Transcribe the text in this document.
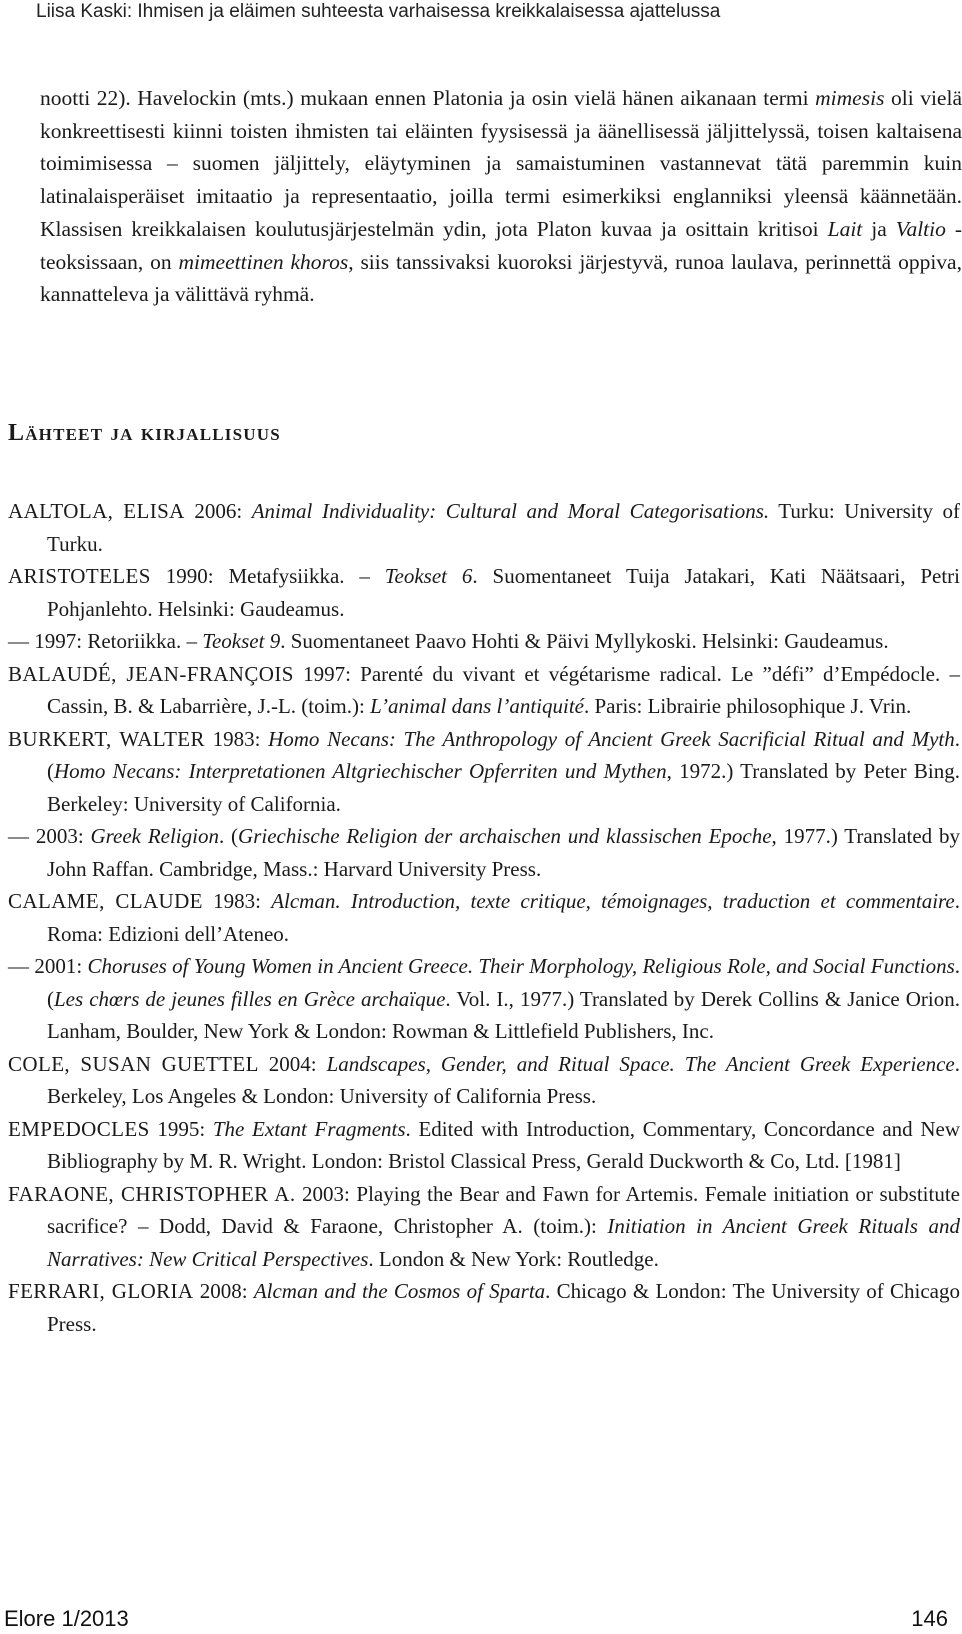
Liisa Kaski: Ihmisen ja eläimen suhteesta varhaisessa kreikkalaisessa ajattelussa

nootti 22). Havelockin (mts.) mukaan ennen Platonia ja osin vielä hänen aikanaan termi mimesis oli vielä konkreettisesti kiinni toisten ihmisten tai eläinten fyysisessä ja äänellisessä jäljittelyssä, toisen kaltaisena toimimisessa – suomen jäljittely, eläytyminen ja samaistuminen vastannevat tätä paremmin kuin latinalaisperäiset imitaatio ja representaatio, joilla termi esimerkiksi englanniksi yleensä käännetään. Klassisen kreikkalaisen koulutusjärjestelmän ydin, jota Platon kuvaa ja osittain kritisoi Lait ja Valtio -teoksissaan, on mimeettinen khoros, siis tanssivaksi kuoroksi järjestyvä, runoa laulava, perinnettä oppiva, kannatteleva ja välittävä ryhmä.

Lähteet ja kirjallisuus

AALTOLA, ELISA 2006: Animal Individuality: Cultural and Moral Categorisations. Turku: University of Turku.

ARISTOTELES 1990: Metafysiikka. – Teokset 6. Suomentaneet Tuija Jatakari, Kati Näätsaari, Petri Pohjanlehto. Helsinki: Gaudeamus.

— 1997: Retoriikka. – Teokset 9. Suomentaneet Paavo Hohti & Päivi Myllykoski. Helsinki: Gaudeamus.

BALAUDÉ, JEAN-FRANÇOIS 1997: Parenté du vivant et végétarisme radical. Le ”défi” d’Empédocle. – Cassin, B. & Labarrière, J.-L. (toim.): L’animal dans l’antiquité. Paris: Librairie philosophique J. Vrin.

BURKERT, WALTER 1983: Homo Necans: The Anthropology of Ancient Greek Sacrificial Ritual and Myth. (Homo Necans: Interpretationen Altgriechischer Opferriten und Mythen, 1972.) Translated by Peter Bing. Berkeley: University of California.

— 2003: Greek Religion. (Griechische Religion der archaischen und klassischen Epoche, 1977.) Translated by John Raffan. Cambridge, Mass.: Harvard University Press.

CALAME, CLAUDE 1983: Alcman. Introduction, texte critique, témoignages, traduction et commentaire. Roma: Edizioni dell’Ateneo.

— 2001: Choruses of Young Women in Ancient Greece. Their Morphology, Religious Role, and Social Functions. (Les chœrs de jeunes filles en Grèce archaïque. Vol. I., 1977.) Translated by Derek Collins & Janice Orion. Lanham, Boulder, New York & London: Rowman & Littlefield Publishers, Inc.

COLE, SUSAN GUETTEL 2004: Landscapes, Gender, and Ritual Space. The Ancient Greek Experience. Berkeley, Los Angeles & London: University of California Press.

EMPEDOCLES 1995: The Extant Fragments. Edited with Introduction, Commentary, Concordance and New Bibliography by M. R. Wright. London: Bristol Classical Press, Gerald Duckworth & Co, Ltd. [1981]

FARAONE, CHRISTOPHER A. 2003: Playing the Bear and Fawn for Artemis. Female initiation or substitute sacrifice? – Dodd, David & Faraone, Christopher A. (toim.): Initiation in Ancient Greek Rituals and Narratives: New Critical Perspectives. London & New York: Routledge.

FERRARI, GLORIA 2008: Alcman and the Cosmos of Sparta. Chicago & London: The University of Chicago Press.

Elore 1/2013	146
